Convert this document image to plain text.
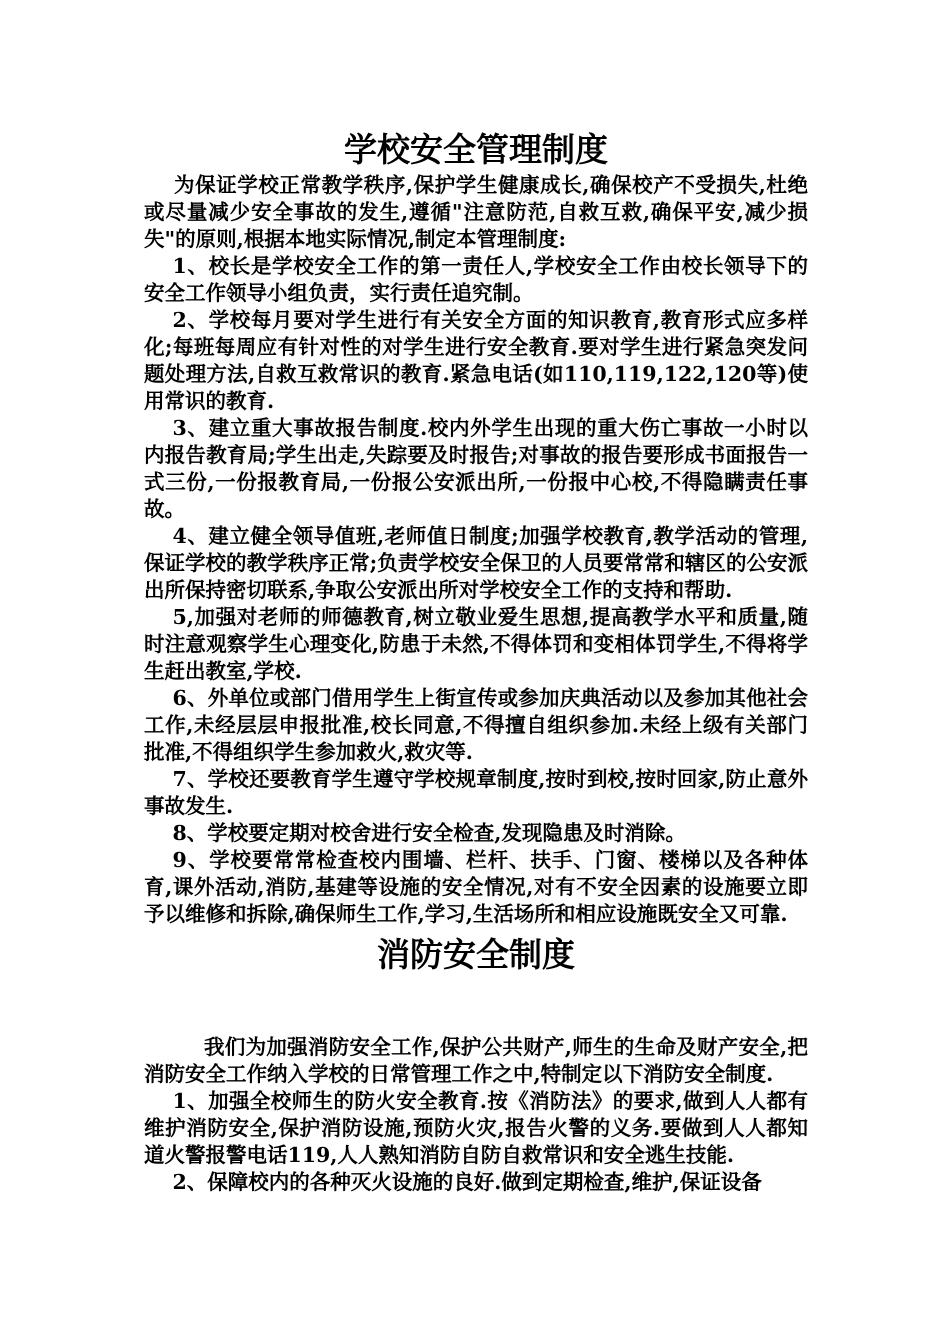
学校安全管理制度

为保证学校正常教学秩序,保护学生健康成长,确保校产不受损失,杜绝或尽量减少安全事故的发生,遵循"注意防范,自救互救,确保平安,减少损失"的原则,根据本地实际情况,制定本管理制度:

1、校长是学校安全工作的第一责任人,学校安全工作由校长领导下的安全工作领导小组负责，实行责任追究制。

2、学校每月要对学生进行有关安全方面的知识教育,教育形式应多样化;每班每周应有针对性的对学生进行安全教育.要对学生进行紧急突发问题处理方法,自救互救常识的教育.紧急电话(如110,119,122,120等)使用常识的教育.

3、建立重大事故报告制度.校内外学生出现的重大伤亡事故一小时以内报告教育局;学生出走,失踪要及时报告;对事故的报告要形成书面报告一式三份,一份报教育局,一份报公安派出所,一份报中心校,不得隐瞒责任事故。

4、建立健全领导值班,老师值日制度;加强学校教育,教学活动的管理,保证学校的教学秩序正常;负责学校安全保卫的人员要常常和辖区的公安派出所保持密切联系,争取公安派出所对学校安全工作的支持和帮助.

5,加强对老师的师德教育,树立敬业爱生思想,提高教学水平和质量,随时注意观察学生心理变化,防患于未然,不得体罚和变相体罚学生,不得将学生赶出教室,学校.

6、外单位或部门借用学生上街宣传或参加庆典活动以及参加其他社会工作,未经层层申报批准,校长同意,不得擅自组织参加.未经上级有关部门批准,不得组织学生参加救火,救灾等.

7、学校还要教育学生遵守学校规章制度,按时到校,按时回家,防止意外事故发生.

8、学校要定期对校舍进行安全检查,发现隐患及时消除。

9、学校要常常检查校内围墙、栏杆、扶手、门窗、楼梯以及各种体育,课外活动,消防,基建等设施的安全情况,对有不安全因素的设施要立即予以维修和拆除,确保师生工作,学习,生活场所和相应设施既安全又可靠.

消防安全制度

我们为加强消防安全工作,保护公共财产,师生的生命及财产安全,把消防安全工作纳入学校的日常管理工作之中,特制定以下消防安全制度.

1、加强全校师生的防火安全教育.按《消防法》的要求,做到人人都有维护消防安全,保护消防设施,预防火灾,报告火警的义务.要做到人人都知道火警报警电话119,人人熟知消防自防自救常识和安全逃生技能.

2、保障校内的各种灭火设施的良好.做到定期检查,维护,保证设备
